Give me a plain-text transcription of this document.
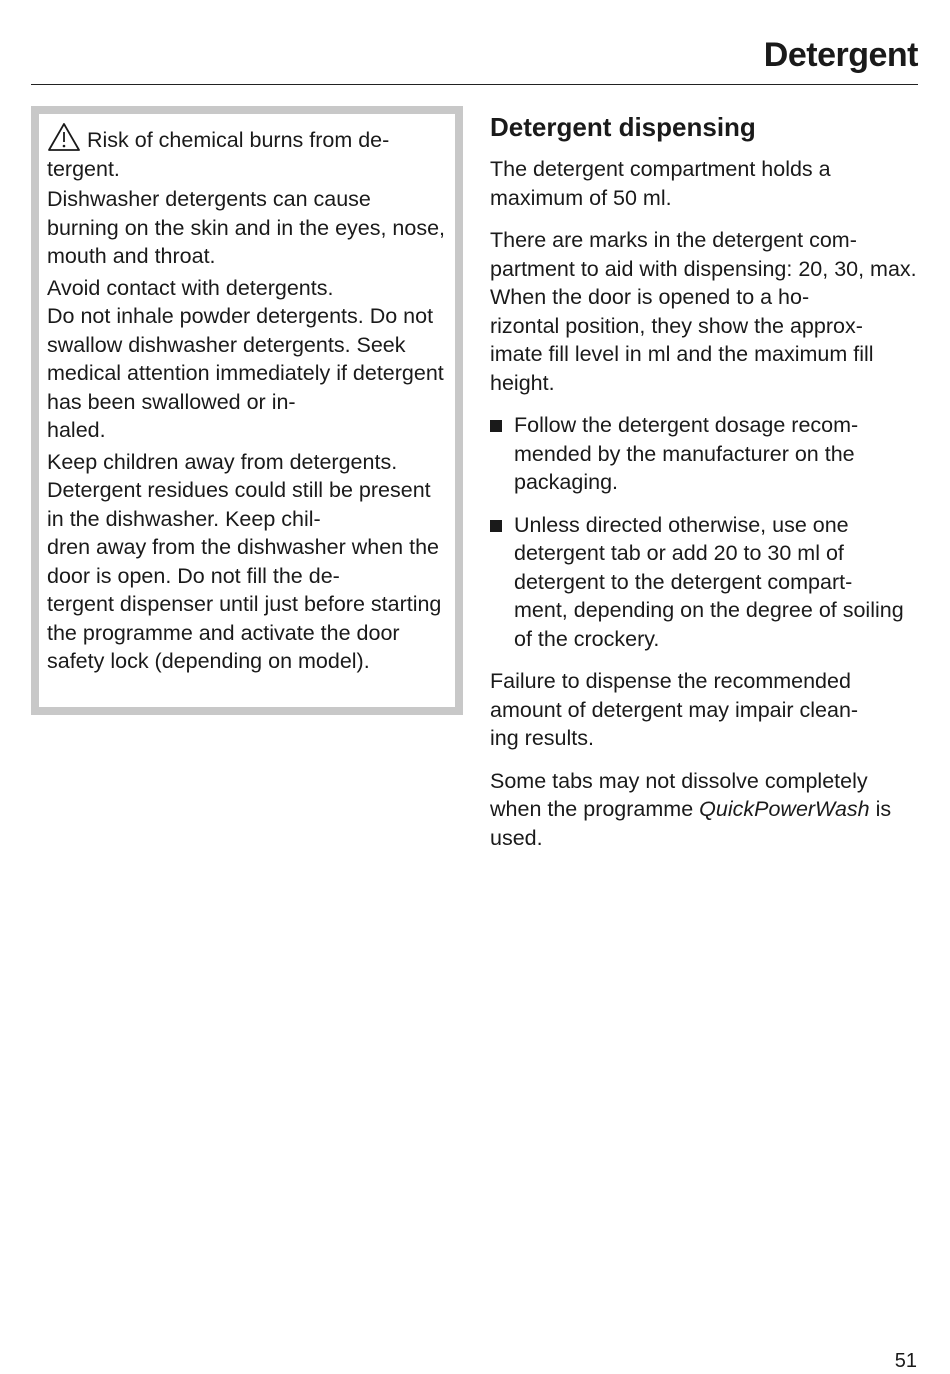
Detergent

Risk of chemical burns from de-
tergent.

Dishwasher detergents can cause burning on the skin and in the eyes, nose, mouth and throat.

Avoid contact with detergents.
Do not inhale powder detergents. Do not swallow dishwasher detergents. Seek medical attention immediately if detergent has been swallowed or in-
haled.

Keep children away from detergents. Detergent residues could still be present in the dishwasher. Keep chil-
dren away from the dishwasher when the door is open. Do not fill the de-
tergent dispenser until just before starting the programme and activate the door safety lock (depending on model).

Detergent dispensing

The detergent compartment holds a maximum of 50 ml.

There are marks in the detergent com-
partment to aid with dispensing: 20, 30, max. When the door is opened to a ho-
rizontal position, they show the approx-
imate fill level in ml and the maximum fill height.

Follow the detergent dosage recom-
mended by the manufacturer on the packaging.
Unless directed otherwise, use one detergent tab or add 20 to 30 ml of detergent to the detergent compart-
ment, depending on the degree of soiling of the crockery.

Failure to dispense the recommended amount of detergent may impair clean-
ing results.

Some tabs may not dissolve completely when the programme QuickPowerWash is used.

51
